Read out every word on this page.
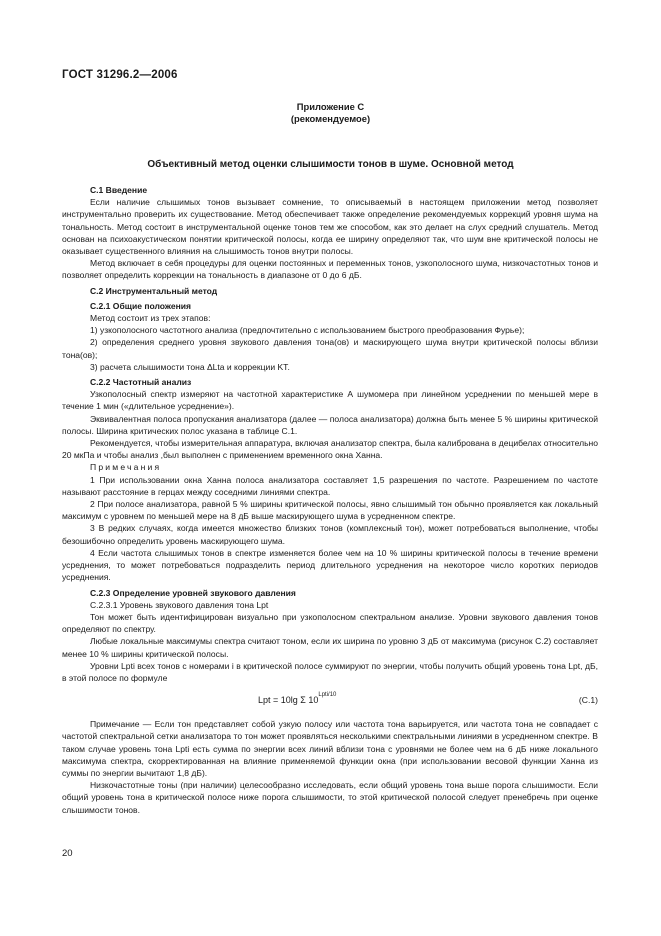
ГОСТ 31296.2—2006
Приложение С
(рекомендуемое)
Объективный метод оценки слышимости тонов в шуме. Основной метод

С.1 Введение

Если наличие слышимых тонов вызывает сомнение, то описываемый в настоящем приложении метод позволяет инструментально проверить их существование. Метод обеспечивает также определение рекомендуемых коррекций уровня шума на тональность. Метод состоит в инструментальной оценке тонов тем же способом, как это делает на слух средний слушатель. Метод основан на психоакустическом понятии критической полосы, когда ее ширину определяют так, что шум вне критической полосы не оказывает существенного влияния на слышимость тонов внутри полосы.

Метод включает в себя процедуры для оценки постоянных и переменных тонов, узкополосного шума, низкочастотных тонов и позволяет определить коррекции на тональность в диапазоне от 0 до 6 дБ.

С.2 Инструментальный метод

С.2.1 Общие положения

Метод состоит из трех этапов:

1) узкополосного частотного анализа (предпочтительно с использованием быстрого преобразования Фурье);

2) определения среднего уровня звукового давления тона(ов) и маскирующего шума внутри критической полосы вблизи тона(ов);

3) расчета слышимости тона ΔLta и коррекции KT.

С.2.2 Частотный анализ

Узкополосный спектр измеряют на частотной характеристике А шумомера при линейном усреднении по меньшей мере в течение 1 мин («длительное усреднение»).

Эквивалентная полоса пропускания анализатора (далее — полоса анализатора) должна быть менее 5 % ширины критической полосы. Ширина критических полос указана в таблице С.1.

Рекомендуется, чтобы измерительная аппаратура, включая анализатор спектра, была калибрована в децибелах относительно 20 мкПа и чтобы анализ ,был выполнен с применением временного окна Ханна.

Примечания

1 При использовании окна Ханна полоса анализатора составляет 1,5 разрешения по частоте. Разрешением по частоте называют расстояние в герцах между соседними линиями спектра.

2 При полосе анализатора, равной 5 % ширины критической полосы, явно слышимый тон обычно проявляется как локальный максимум с уровнем по меньшей мере на 8 дБ выше маскирующего шума в усредненном спектре.

3 В редких случаях, когда имеется множество близких тонов (комплексный тон), может потребоваться выполнение, чтобы безошибочно определить уровень маскирующего шума.

4 Если частота слышимых тонов в спектре изменяется более чем на 10 % ширины критической полосы в течение времени усреднения, то может потребоваться подразделить период длительного усреднения на некоторое число коротких периодов усреднения.

С.2.3 Определение уровней звукового давления

С.2.3.1 Уровень звукового давления тона Lpt

Тон может быть идентифицирован визуально при узкополосном спектральном анализе. Уровни звукового давления тонов определяют по спектру.

Любые локальные максимумы спектра считают тоном, если их ширина по уровню 3 дБ от максимума (рисунок С.2) составляет менее 10 % ширины критической полосы.

Уровни Lpti всех тонов с номерами i в критической полосе суммируют по энергии, чтобы получить общий уровень тона Lpt, дБ, в этой полосе по формуле

Lpt = 10lg Σ $10^{Lpti/10}$	(С.1)

Примечание — Если тон представляет собой узкую полосу или частота тона варьируется, или частота тона не совпадает с частотой спектральной сетки анализатора то тон может проявляться несколькими спектральными линиями в усредненном спектре. В таком случае уровень тона Lpti есть сумма по энергии всех линий вблизи тона с уровнями не более чем на 6 дБ ниже локального максимума спектра, скорректированная на влияние применяемой функции окна (при использовании весовой функции Ханна из суммы по энергии вычитают 1,8 дБ).

Низкочастотные тоны (при наличии) целесообразно исследовать, если общий уровень тона выше порога слышимости. Если общий уровень тона в критической полосе ниже порога слышимости, то этой критической полосой следует пренебречь при оценке слышимости тонов.

20
